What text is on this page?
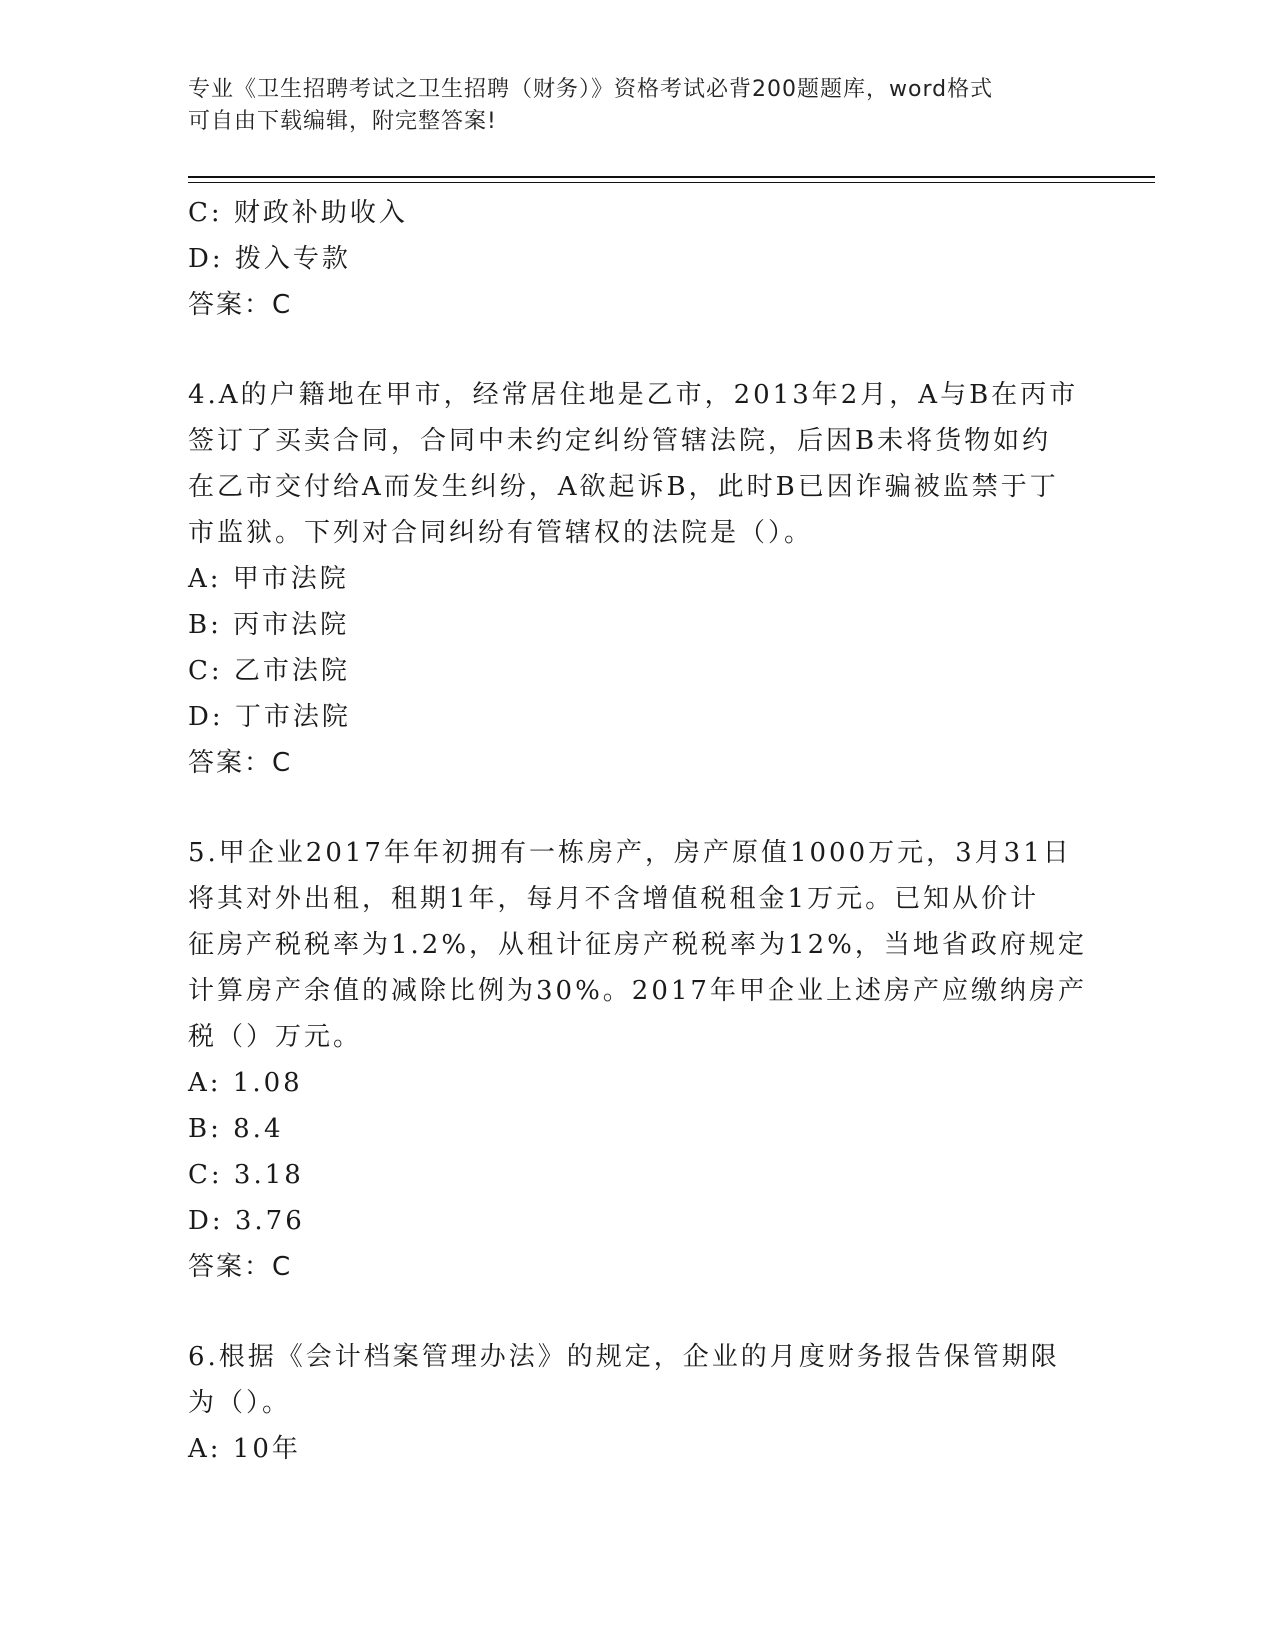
专业《卫生招聘考试之卫生招聘（财务）》资格考试必背200题题库，word格式
可自由下载编辑，附完整答案!
C: 财政补助收入
D: 拨入专款
答案：C
4.A的户籍地在甲市，经常居住地是乙市，2013年2月，A与B在丙市
签订了买卖合同，合同中未约定纠纷管辖法院，后因B未将货物如约
在乙市交付给A而发生纠纷，A欲起诉B，此时B已因诈骗被监禁于丁
市监狱。下列对合同纠纷有管辖权的法院是（）。
A: 甲市法院
B: 丙市法院
C: 乙市法院
D: 丁市法院
答案：C
5.甲企业2017年年初拥有一栋房产，房产原值1000万元，3月31日
将其对外出租，租期1年，每月不含增值税租金1万元。已知从价计
征房产税税率为1.2%，从租计征房产税税率为12%，当地省政府规定
计算房产余值的减除比例为30%。2017年甲企业上述房产应缴纳房产
税（）万元。
A: 1.08
B: 8.4
C: 3.18
D: 3.76
答案：C
6.根据《会计档案管理办法》的规定，企业的月度财务报告保管期限
为（）。
A: 10年
